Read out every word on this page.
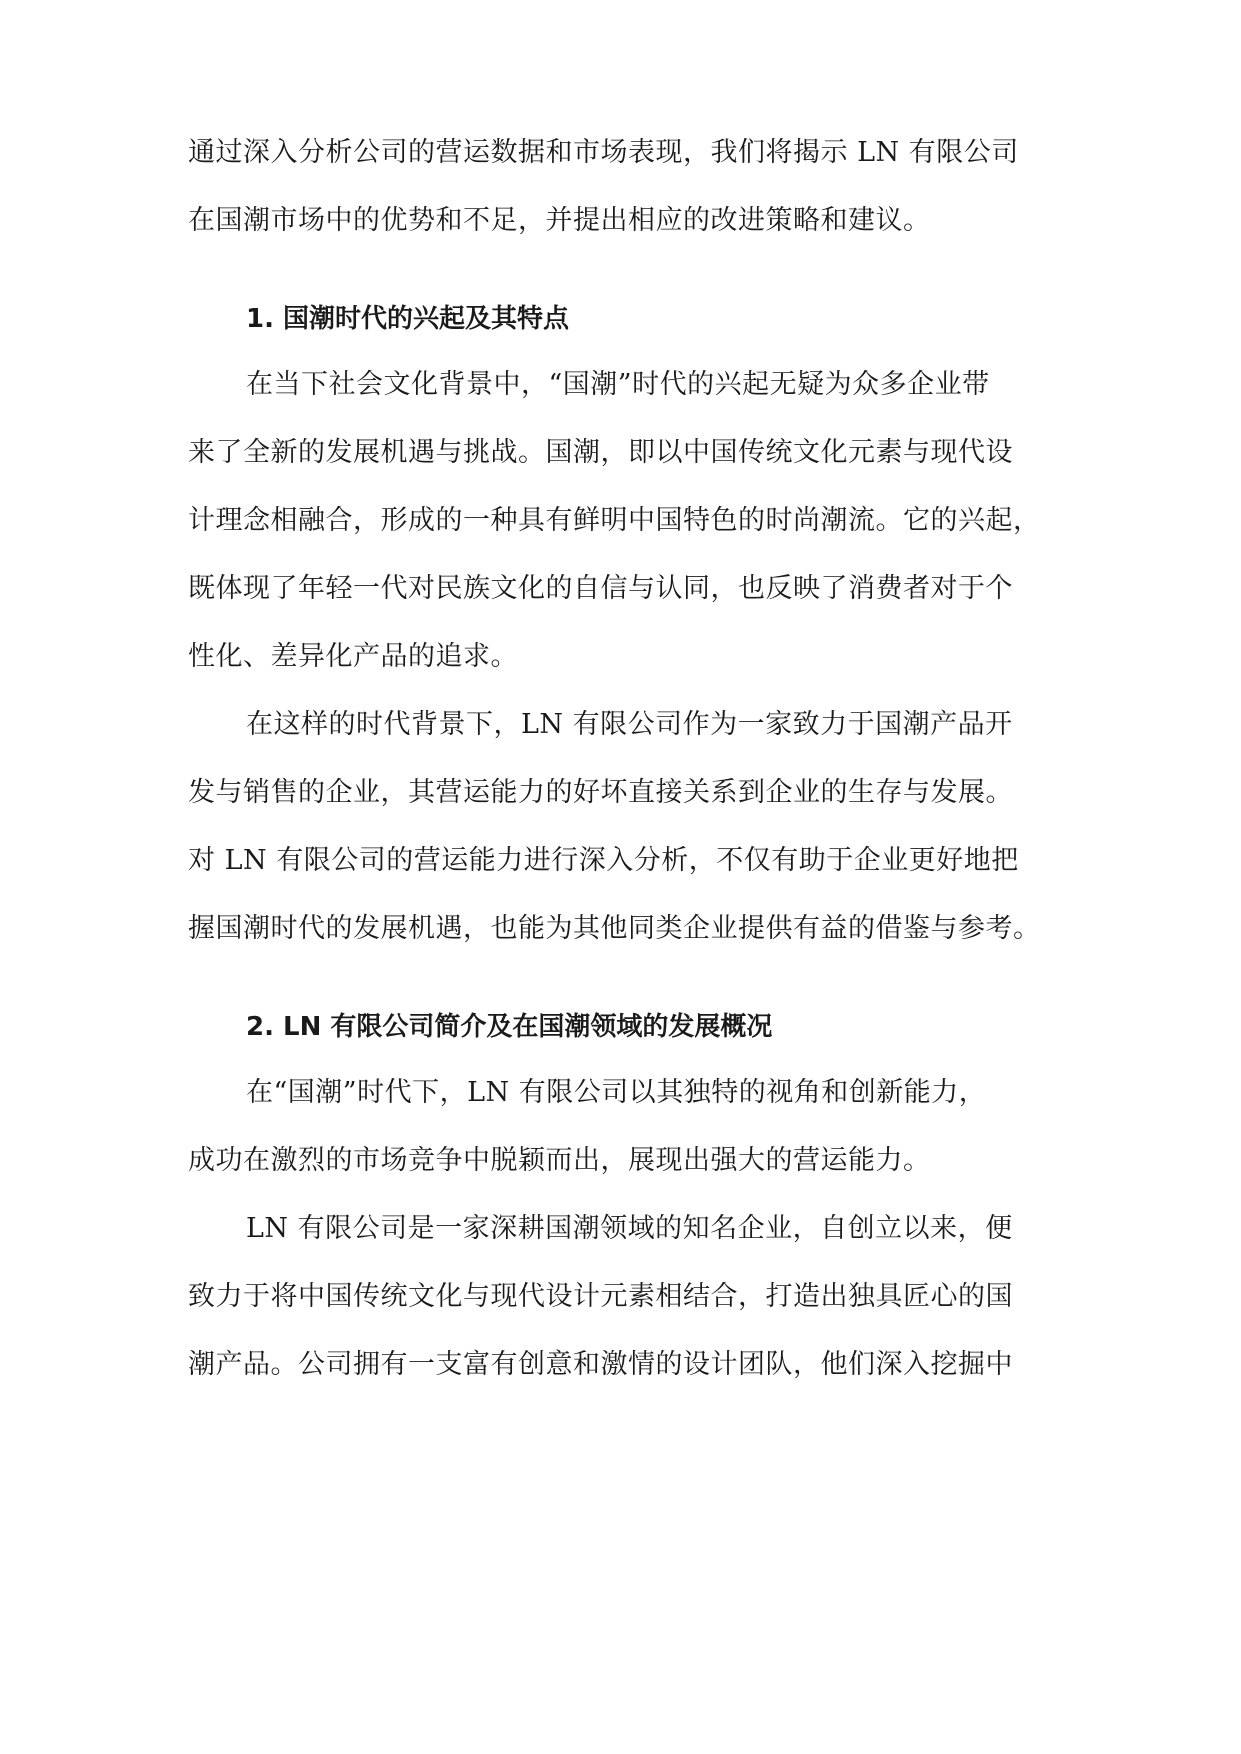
通过深入分析公司的营运数据和市场表现，我们将揭示 LN 有限公司
在国潮市场中的优势和不足，并提出相应的改进策略和建议。
1. 国潮时代的兴起及其特点
在当下社会文化背景中，“国潮”时代的兴起无疑为众多企业带
来了全新的发展机遇与挑战。国潮，即以中国传统文化元素与现代设
计理念相融合，形成的一种具有鲜明中国特色的时尚潮流。它的兴起，
既体现了年轻一代对民族文化的自信与认同，也反映了消费者对于个
性化、差异化产品的追求。
在这样的时代背景下，LN 有限公司作为一家致力于国潮产品开
发与销售的企业，其营运能力的好坏直接关系到企业的生存与发展。
对 LN 有限公司的营运能力进行深入分析，不仅有助于企业更好地把
握国潮时代的发展机遇，也能为其他同类企业提供有益的借鉴与参考。
2. LN 有限公司简介及在国潮领域的发展概况
在“国潮”时代下，LN 有限公司以其独特的视角和创新能力，
成功在激烈的市场竞争中脱颖而出，展现出强大的营运能力。
LN 有限公司是一家深耕国潮领域的知名企业，自创立以来，便
致力于将中国传统文化与现代设计元素相结合，打造出独具匠心的国
潮产品。公司拥有一支富有创意和激情的设计团队，他们深入挖掘中
